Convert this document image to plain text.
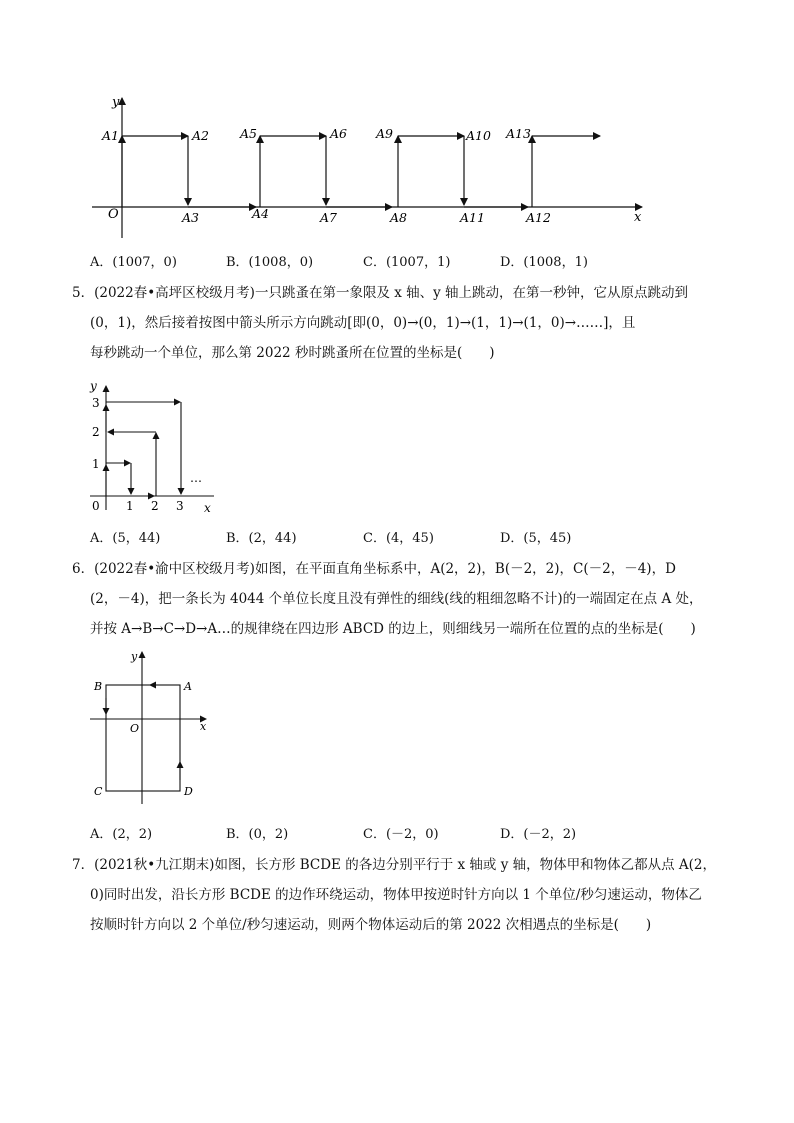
y
x
O
A1	A2
A3	A4
A5	A6
A7	A8
A9	A10
A11	A12
A13
A．(1007，0)	B．(1008，0)	C．(1007，1)	D．(1008，1)

5．(2022春•高坪区校级月考)一只跳蚤在第一象限及 x 轴、y 轴上跳动，在第一秒钟，它从原点跳动到

(0，1)，然后接着按图中箭头所示方向跳动[即(0，0)→(0，1)→(1，1)→(1，0)→……]，且

每秒跳动一个单位，那么第 2022 秒时跳蚤所在位置的坐标是(　　)

y
x
0
3
2
1
1 2 3
…
A．(5，44)	B．(2，44)	C．(4，45)	D．(5，45)

6．(2022春•渝中区校级月考)如图，在平面直角坐标系中，A(2，2)，B(－2，2)，C(－2，－4)，D

(2，－4)，把一条长为 4044 个单位长度且没有弹性的细线(线的粗细忽略不计)的一端固定在点 A 处，

并按 A→B→C→D→A…的规律绕在四边形 ABCD 的边上，则细线另一端所在位置的点的坐标是(　　)

y
x
O
A
B
C	D
A．(2，2)	B．(0，2)	C．(－2，0)	D．(－2，2)

7．(2021秋•九江期末)如图，长方形 BCDE 的各边分别平行于 x 轴或 y 轴，物体甲和物体乙都从点 A(2，

0)同时出发，沿长方形 BCDE 的边作环绕运动，物体甲按逆时针方向以 1 个单位/秒匀速运动，物体乙

按顺时针方向以 2 个单位/秒匀速运动，则两个物体运动后的第 2022 次相遇点的坐标是(　　)
